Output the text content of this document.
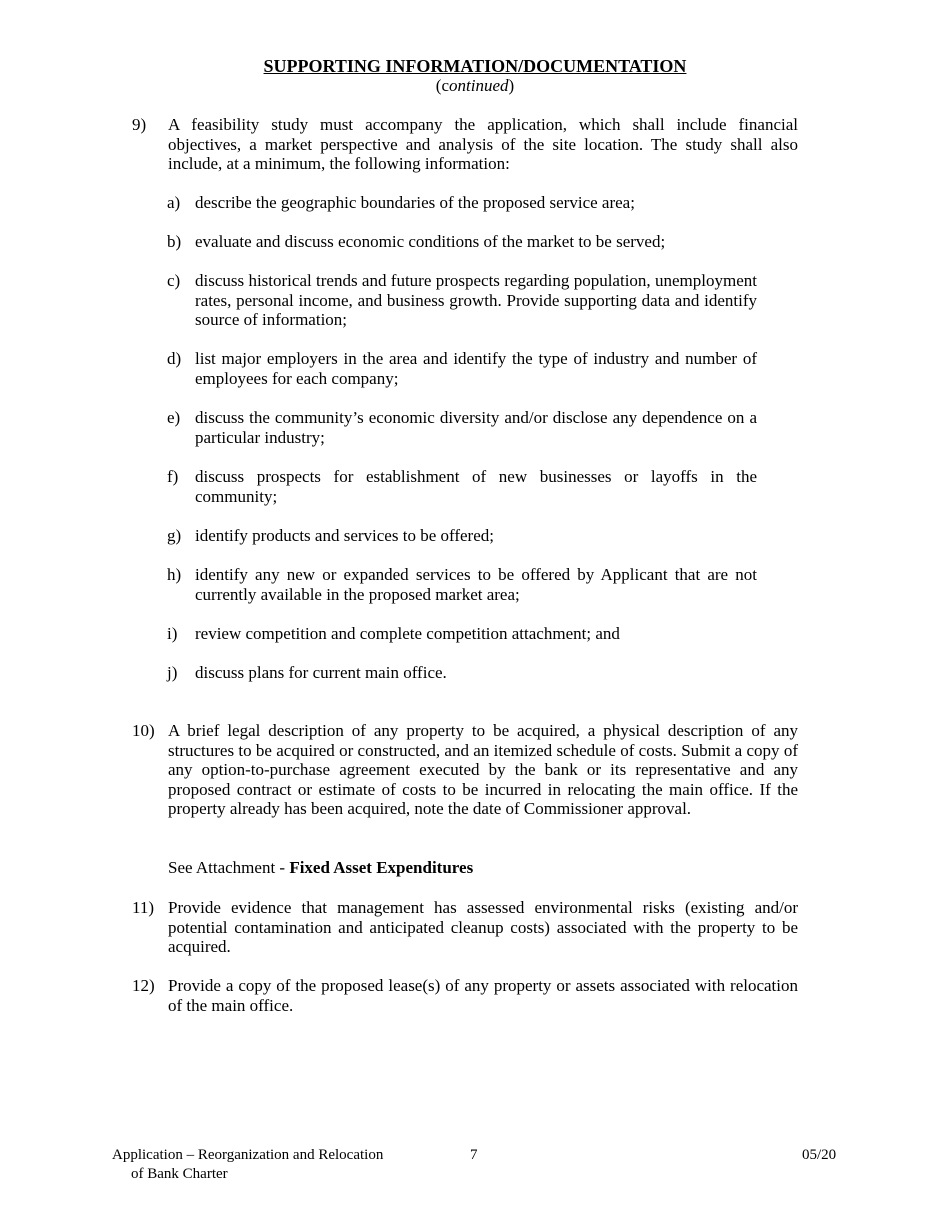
SUPPORTING INFORMATION/DOCUMENTATION
(continued)
9) A feasibility study must accompany the application, which shall include financial objectives, a market perspective and analysis of the site location. The study shall also include, at a minimum, the following information:
a) describe the geographic boundaries of the proposed service area;
b) evaluate and discuss economic conditions of the market to be served;
c) discuss historical trends and future prospects regarding population, unemployment rates, personal income, and business growth. Provide supporting data and identify source of information;
d) list major employers in the area and identify the type of industry and number of employees for each company;
e) discuss the community’s economic diversity and/or disclose any dependence on a particular industry;
f) discuss prospects for establishment of new businesses or layoffs in the community;
g) identify products and services to be offered;
h) identify any new or expanded services to be offered by Applicant that are not currently available in the proposed market area;
i) review competition and complete competition attachment; and
j) discuss plans for current main office.
10) A brief legal description of any property to be acquired, a physical description of any structures to be acquired or constructed, and an itemized schedule of costs. Submit a copy of any option-to-purchase agreement executed by the bank or its representative and any proposed contract or estimate of costs to be incurred in relocating the main office. If the property already has been acquired, note the date of Commissioner approval.
See Attachment - Fixed Asset Expenditures
11) Provide evidence that management has assessed environmental risks (existing and/or potential contamination and anticipated cleanup costs) associated with the property to be acquired.
12) Provide a copy of the proposed lease(s) of any property or assets associated with relocation of the main office.
Application – Reorganization and Relocation
of Bank Charter
7	05/20
